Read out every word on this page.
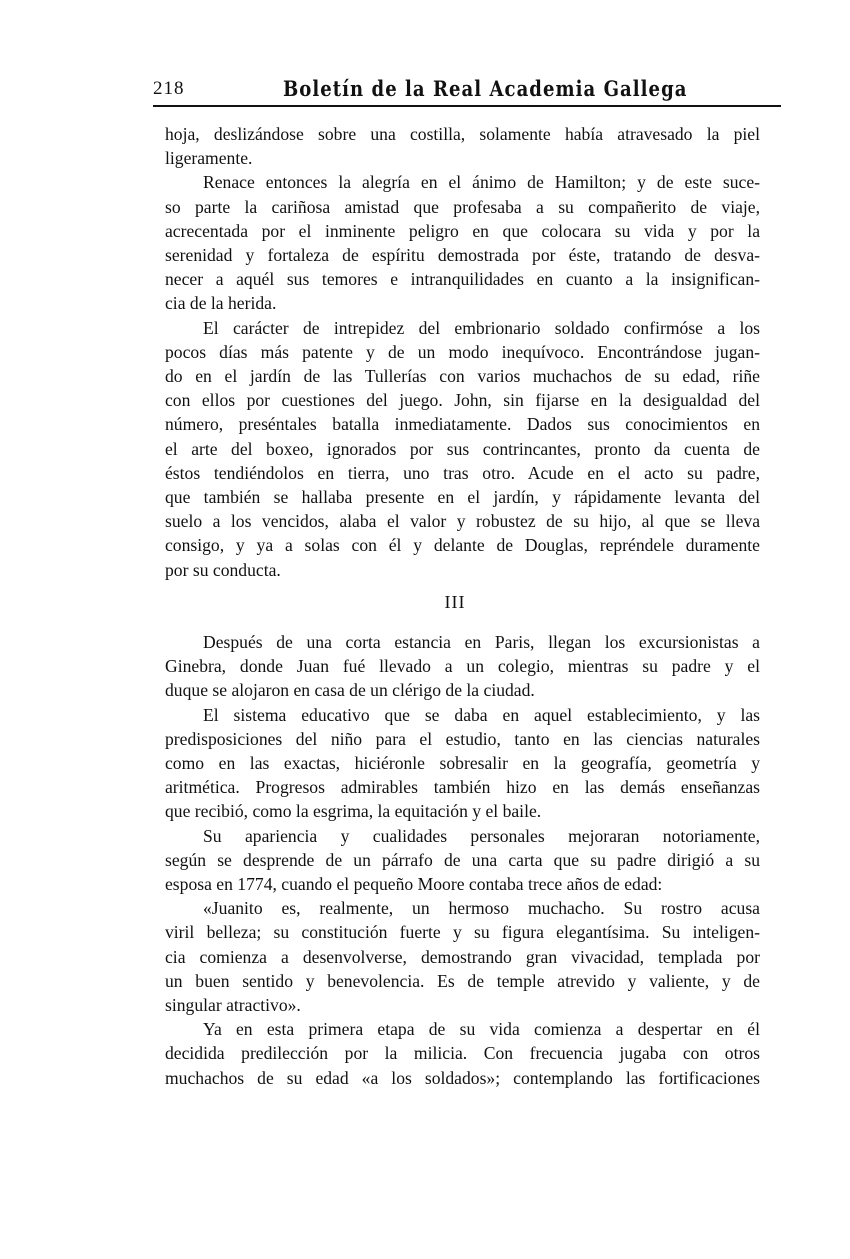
218	Boletín de la Real Academia Gallega
hoja, deslizándose sobre una costilla, solamente había atravesado la piel
ligeramente.
Renace entonces la alegría en el ánimo de Hamilton; y de este suce-
so parte la cariñosa amistad que profesaba a su compañerito de viaje,
acrecentada por el inminente peligro en que colocara su vida y por la
serenidad y fortaleza de espíritu demostrada por éste, tratando de desva-
necer a aquél sus temores e intranquilidades en cuanto a la insignifican-
cia de la herida.
El carácter de intrepidez del embrionario soldado confirmóse a los
pocos días más patente y de un modo inequívoco. Encontrándose jugan-
do en el jardín de las Tullerías con varios muchachos de su edad, riñe
con ellos por cuestiones del juego. John, sin fijarse en la desigualdad del
número, preséntales batalla inmediatamente. Dados sus conocimientos en
el arte del boxeo, ignorados por sus contrincantes, pronto da cuenta de
éstos tendiéndolos en tierra, uno tras otro. Acude en el acto su padre,
que también se hallaba presente en el jardín, y rápidamente levanta del
suelo a los vencidos, alaba el valor y robustez de su hijo, al que se lleva
consigo, y ya a solas con él y delante de Douglas, repréndele duramente
por su conducta.
III
Después de una corta estancia en Paris, llegan los excursionistas a
Ginebra, donde Juan fué llevado a un colegio, mientras su padre y el
duque se alojaron en casa de un clérigo de la ciudad.
El sistema educativo que se daba en aquel establecimiento, y las
predisposiciones del niño para el estudio, tanto en las ciencias naturales
como en las exactas, hiciéronle sobresalir en la geografía, geometría y
aritmética. Progresos admirables también hizo en las demás enseñanzas
que recibió, como la esgrima, la equitación y el baile.
Su apariencia y cualidades personales mejoraran notoriamente,
según se desprende de un párrafo de una carta que su padre dirigió a su
esposa en 1774, cuando el pequeño Moore contaba trece años de edad:
«Juanito es, realmente, un hermoso muchacho. Su rostro acusa
viril belleza; su constitución fuerte y su figura elegantísima. Su inteligen-
cia comienza a desenvolverse, demostrando gran vivacidad, templada por
un buen sentido y benevolencia. Es de temple atrevido y valiente, y de
singular atractivo».
Ya en esta primera etapa de su vida comienza a despertar en él
decidida predilección por la milicia. Con frecuencia jugaba con otros
muchachos de su edad «a los soldados»; contemplando las fortificaciones
